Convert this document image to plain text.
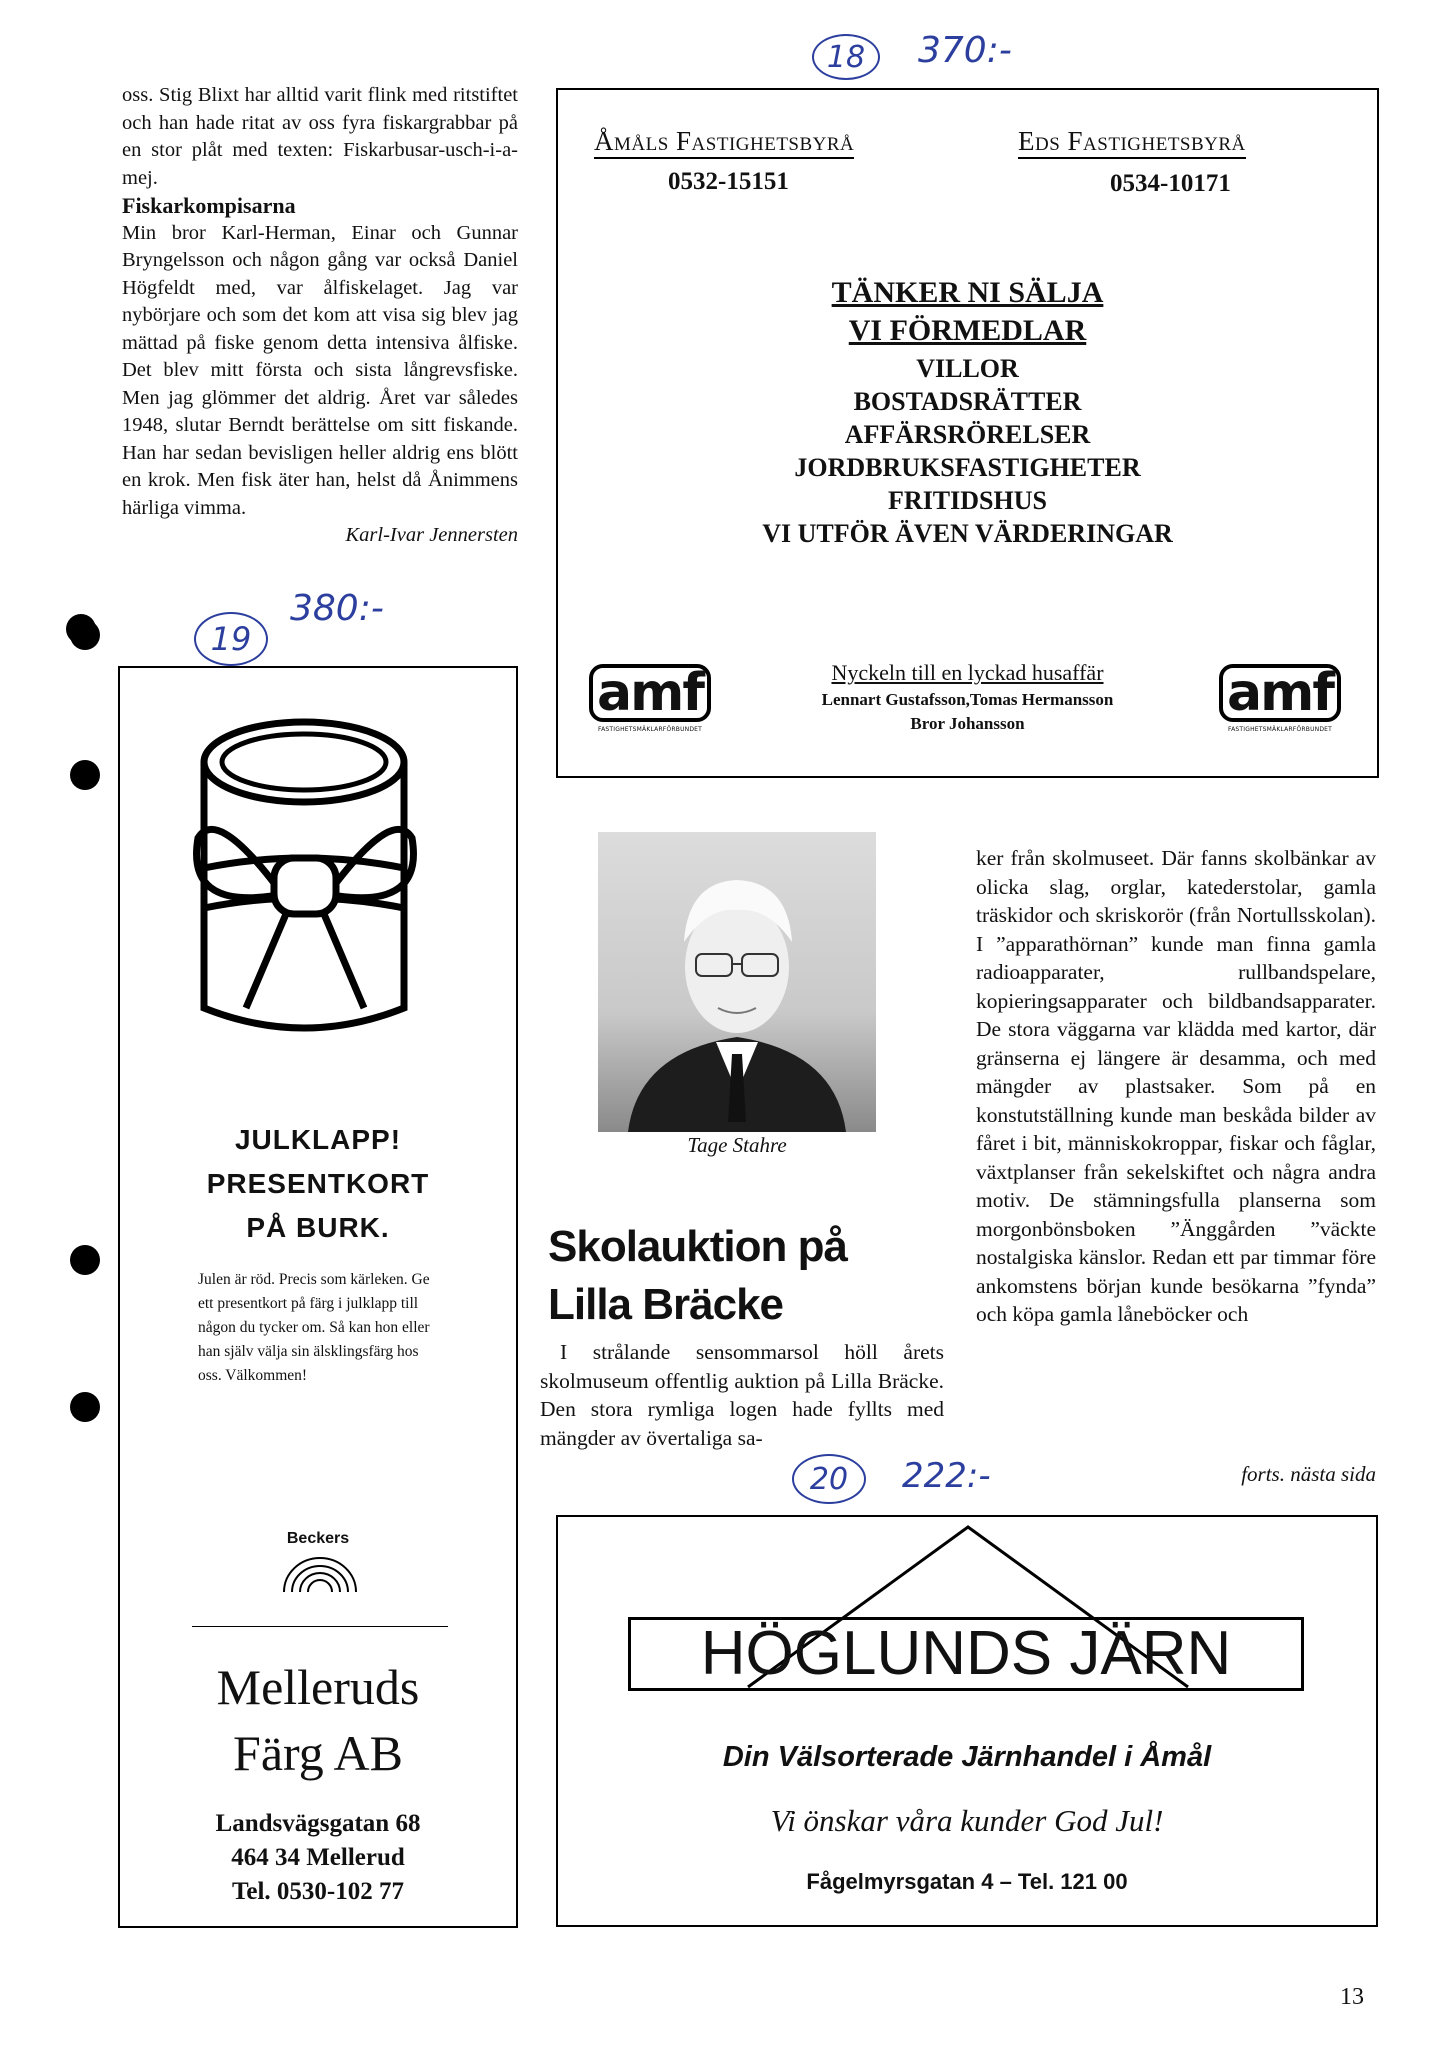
18 370:-

oss. Stig Blixt har alltid varit flink med ritstiftet och han hade ritat av oss fyra fiskargrabbar på en stor plåt med texten: Fiskarbusar-usch-i-a-mej.

Fiskarkompisarna

Min bror Karl-Herman, Einar och Gunnar Bryngelsson och någon gång var också Daniel Högfeldt med, var ålfiskelaget. Jag var nybörjare och som det kom att visa sig blev jag mättad på fiske genom detta intensiva ålfiske. Det blev mitt första och sista långrevsfiske. Men jag glömmer det aldrig. Året var således 1948, slutar Berndt berättelse om sitt fiskande. Han har sedan bevisligen heller aldrig ens blött en krok. Men fisk äter han, helst då Ånimmens härliga vimma.

Karl-Ivar Jennersten

19
380:-
Åmåls Fastighetsbyrå
0532-15151
Eds Fastighetsbyrå
0534-10171
TÄNKER NI SÄLJA
VI FÖRMEDLAR
VILLOR
BOSTADSRÄTTER
AFFÄRSRÖRELSER
JORDBRUKSFASTIGHETER
FRITIDSHUS
VI UTFÖR ÄVEN VÄRDERINGAR
Nyckeln till en lyckad husaffär
Lennart Gustafsson,Tomas Hermansson
Bror Johansson
amf
FASTIGHETSMÄKLARFÖRBUNDET
amf
FASTIGHETSMÄKLARFÖRBUNDET
JULKLAPP!
PRESENTKORT
PÅ BURK.
Julen är röd. Precis som kärleken. Ge ett presentkort på färg i julklapp till någon du tycker om. Så kan hon eller han själv välja sin älsklingsfärg hos oss. Välkommen!
Beckers
Melleruds
Färg AB
Landsvägsgatan 68
464 34 Mellerud
Tel. 0530-102 77
Tage Stahre
Skolauktion på
Lilla Bräcke
I strålande sensommarsol höll årets skolmuseum offentlig auktion på Lilla Bräcke. Den stora rymliga logen hade fyllts med mängder av övertaliga sa-
ker från skolmuseet. Där fanns skolbänkar av olicka slag, orglar, katederstolar, gamla träskidor och skriskorör (från Nortullsskolan). I ”apparathörnan” kunde man finna gamla radioapparater, rullbandspelare, kopieringsapparater och bildbandsapparater. De stora väggarna var klädda med kartor, där gränserna ej längere är desamma, och med mängder av plastsaker. Som på en konstutställning kunde man beskåda bilder av fåret i bit, människokroppar, fiskar och fåglar, växtplanser från sekelskiftet och några andra motiv. De stämningsfulla planserna som morgonbönsboken ”Änggården ”väckte nostalgiska känslor. Redan ett par timmar före ankomstens början kunde besökarna ”fynda” och köpa gamla låneböcker och
forts. nästa sida
20 222:-
HÖGLUNDS JÄRN
Din Välsorterade Järnhandel i Åmål
Vi önskar våra kunder God Jul!
Fågelmyrsgatan 4 – Tel. 121 00
13
